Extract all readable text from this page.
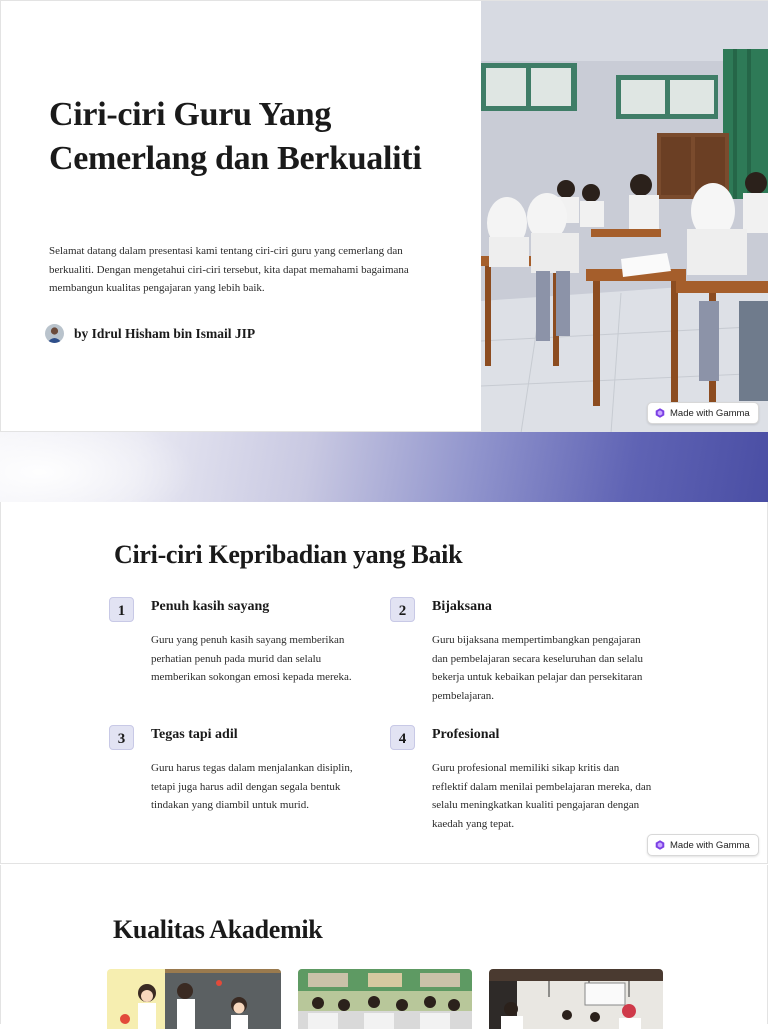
Ciri-ciri Guru Yang Cemerlang dan Berkualiti

Selamat datang dalam presentasi kami tentang ciri-ciri guru yang cemerlang dan berkualiti. Dengan mengetahui ciri-ciri tersebut, kita dapat memahami bagaimana membangun kualitas pengajaran yang lebih baik.

by Idrul Hisham bin Ismail JIP
Made with Gamma
Ciri-ciri Kepribadian yang Baik
1	Penuh kasih sayang

Guru yang penuh kasih sayang memberikan perhatian penuh pada murid dan selalu memberikan sokongan emosi kepada mereka.

2	Bijaksana

Guru bijaksana mempertimbangkan pengajaran dan pembelajaran secara keseluruhan dan selalu bekerja untuk kebaikan pelajar dan persekitaran pembelajaran.

3	Tegas tapi adil

Guru harus tegas dalam menjalankan disiplin, tetapi juga harus adil dengan segala bentuk tindakan yang diambil untuk murid.

4	Profesional

Guru profesional memiliki sikap kritis dan reflektif dalam menilai pembelajaran mereka, dan selalu meningkatkan kualiti pengajaran dengan kaedah yang tepat.

Made with Gamma
Kualitas Akademik
